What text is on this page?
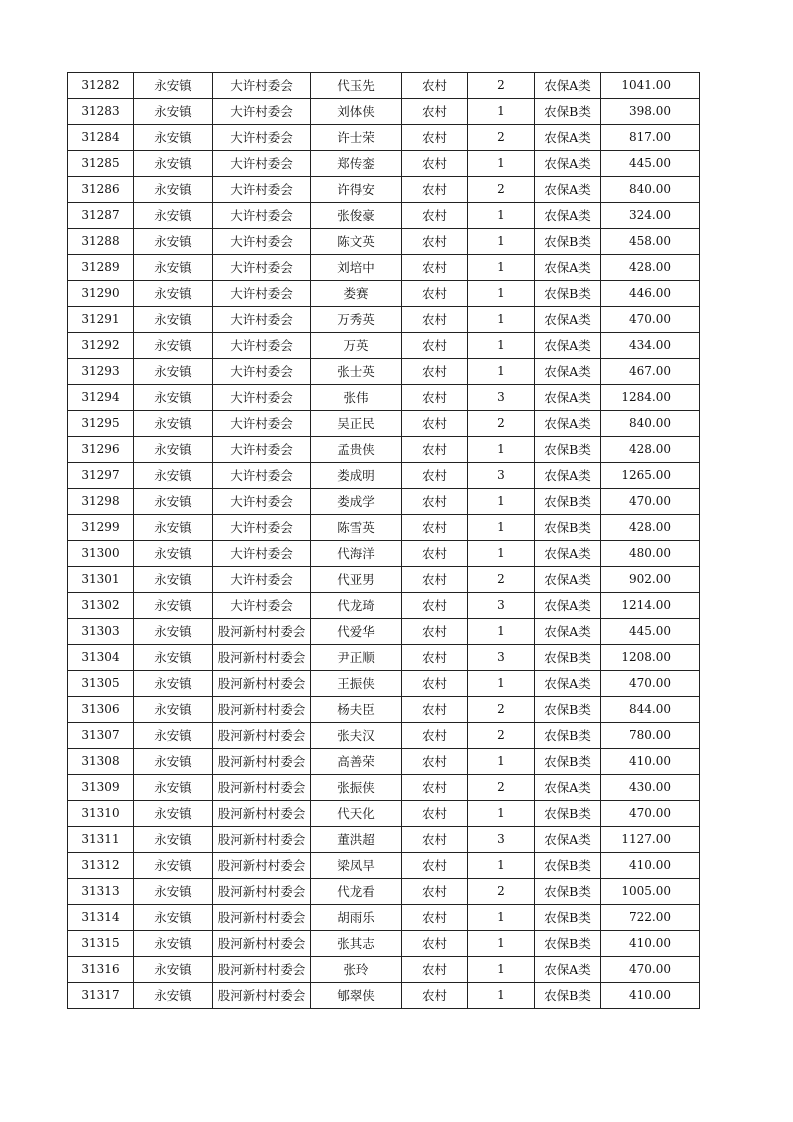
31282	永安镇	大许村委会	代玉先	农村	2	农保A类	1041.00
31283	永安镇	大许村委会	刘体侠	农村	1	农保B类	398.00
31284	永安镇	大许村委会	许士荣	农村	2	农保A类	817.00
31285	永安镇	大许村委会	郑传銮	农村	1	农保A类	445.00
31286	永安镇	大许村委会	许得安	农村	2	农保A类	840.00
31287	永安镇	大许村委会	张俊豪	农村	1	农保A类	324.00
31288	永安镇	大许村委会	陈文英	农村	1	农保B类	458.00
31289	永安镇	大许村委会	刘培中	农村	1	农保A类	428.00
31290	永安镇	大许村委会	娄赛	农村	1	农保B类	446.00
31291	永安镇	大许村委会	万秀英	农村	1	农保A类	470.00
31292	永安镇	大许村委会	万英	农村	1	农保A类	434.00
31293	永安镇	大许村委会	张士英	农村	1	农保A类	467.00
31294	永安镇	大许村委会	张伟	农村	3	农保A类	1284.00
31295	永安镇	大许村委会	吴正民	农村	2	农保A类	840.00
31296	永安镇	大许村委会	孟贵侠	农村	1	农保B类	428.00
31297	永安镇	大许村委会	娄成明	农村	3	农保A类	1265.00
31298	永安镇	大许村委会	娄成学	农村	1	农保B类	470.00
31299	永安镇	大许村委会	陈雪英	农村	1	农保B类	428.00
31300	永安镇	大许村委会	代海洋	农村	1	农保A类	480.00
31301	永安镇	大许村委会	代亚男	农村	2	农保A类	902.00
31302	永安镇	大许村委会	代龙琦	农村	3	农保A类	1214.00
31303	永安镇	股河新村村委会	代爱华	农村	1	农保A类	445.00
31304	永安镇	股河新村村委会	尹正顺	农村	3	农保B类	1208.00
31305	永安镇	股河新村村委会	王振侠	农村	1	农保A类	470.00
31306	永安镇	股河新村村委会	杨夫臣	农村	2	农保B类	844.00
31307	永安镇	股河新村村委会	张夫汉	农村	2	农保B类	780.00
31308	永安镇	股河新村村委会	高善荣	农村	1	农保B类	410.00
31309	永安镇	股河新村村委会	张振侠	农村	2	农保A类	430.00
31310	永安镇	股河新村村委会	代天化	农村	1	农保B类	470.00
31311	永安镇	股河新村村委会	董洪超	农村	3	农保A类	1127.00
31312	永安镇	股河新村村委会	梁凤早	农村	1	农保B类	410.00
31313	永安镇	股河新村村委会	代龙看	农村	2	农保B类	1005.00
31314	永安镇	股河新村村委会	胡雨乐	农村	1	农保B类	722.00
31315	永安镇	股河新村村委会	张其志	农村	1	农保B类	410.00
31316	永安镇	股河新村村委会	张玲	农村	1	农保A类	470.00
31317	永安镇	股河新村村委会	郇翠侠	农村	1	农保B类	410.00
